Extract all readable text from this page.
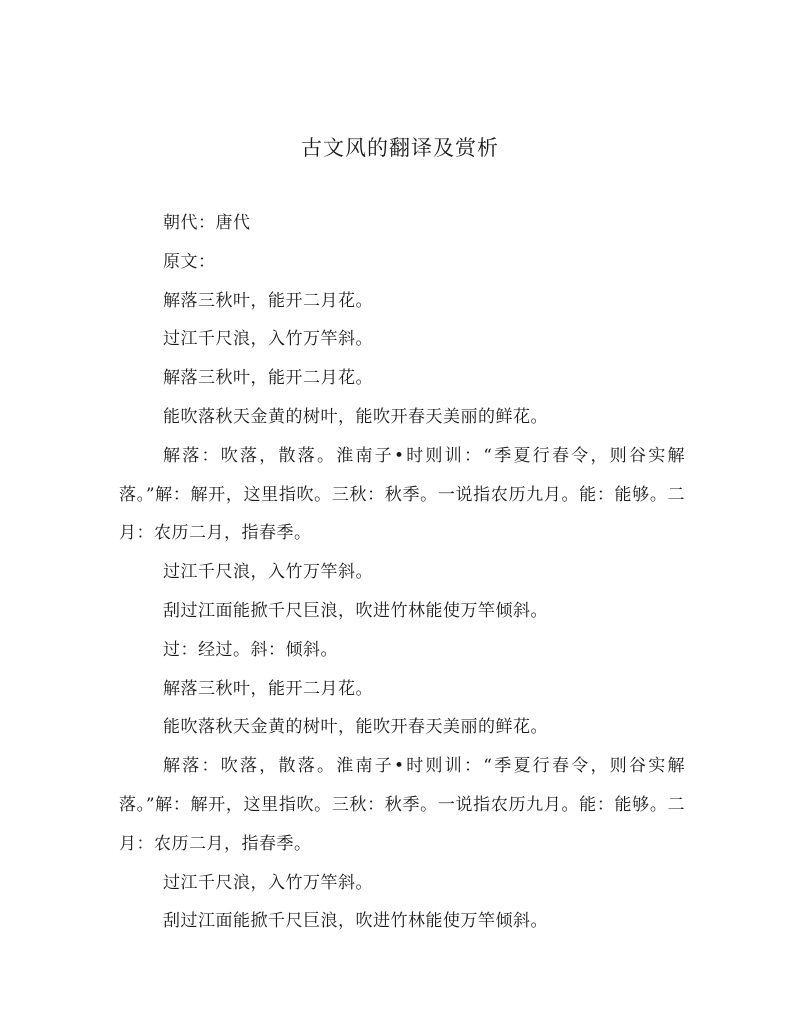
古文风的翻译及赏析

朝代：唐代

原文：

解落三秋叶，能开二月花。

过江千尺浪，入竹万竿斜。

解落三秋叶，能开二月花。

能吹落秋天金黄的树叶，能吹开春天美丽的鲜花。

解落：吹落，散落。淮南子•时则训：“季夏行春令，则谷实解落。”解：解开，这里指吹。三秋：秋季。一说指农历九月。能：能够。二月：农历二月，指春季。

过江千尺浪，入竹万竿斜。

刮过江面能掀千尺巨浪，吹进竹林能使万竿倾斜。

过：经过。斜：倾斜。

解落三秋叶，能开二月花。

能吹落秋天金黄的树叶，能吹开春天美丽的鲜花。

解落：吹落，散落。淮南子•时则训：“季夏行春令，则谷实解落。”解：解开，这里指吹。三秋：秋季。一说指农历九月。能：能够。二月：农历二月，指春季。

过江千尺浪，入竹万竿斜。

刮过江面能掀千尺巨浪，吹进竹林能使万竿倾斜。
